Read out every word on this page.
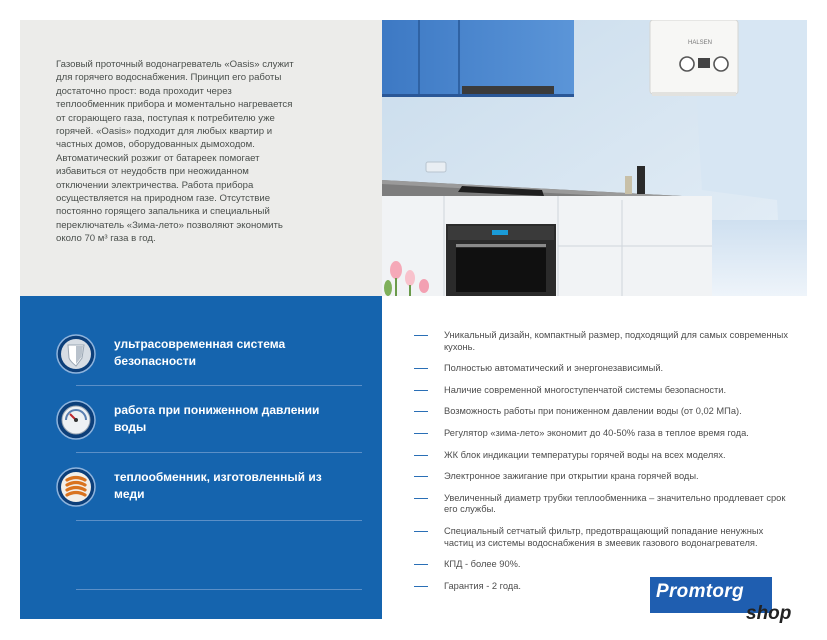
Газовый проточный водонагреватель «Oasis» служит
для горячего водоснабжения. Принцип его работы
достаточно прост: вода проходит через
теплообменник прибора и моментально нагревается
от сгорающего газа, поступая к потребителю уже
горячей. «Oasis» подходит для любых квартир и
частных домов, оборудованных дымоходом.
Автоматический розжиг от батареек помогает
избавиться от неудобств при неожиданном
отключении электричества. Работа прибора
осуществляется на природном газе. Отсутствие
постоянно горящего запальника и специальный
переключатель «Зима-лето» позволяют экономить
около 70 м³ газа в год.

HALSEN
ультрасовременная система безопасности
работа при пониженном давлении воды
теплообменник, изготовленный из меди
Уникальный дизайн, компактный размер, подходящий для самых современных кухонь.
Полностью автоматический и энергонезависимый.
Наличие современной многоступенчатой системы безопасности.
Возможность работы при пониженном давлении воды (от 0,02 МПа).
Регулятор «зима-лето» экономит до 40-50% газа в теплое время года.
ЖК блок индикации температуры горячей воды на всех моделях.
Электронное зажигание при открытии крана горячей воды.
Увеличенный диаметр трубки теплообменника – значительно продлевает срок его службы.
Специальный сетчатый фильтр, предотвращающий попадание ненужных частиц из системы водоснабжения в змеевик газового водонагревателя.
КПД - более 90%.
Гарантия - 2 года.	Promtorg
shop
